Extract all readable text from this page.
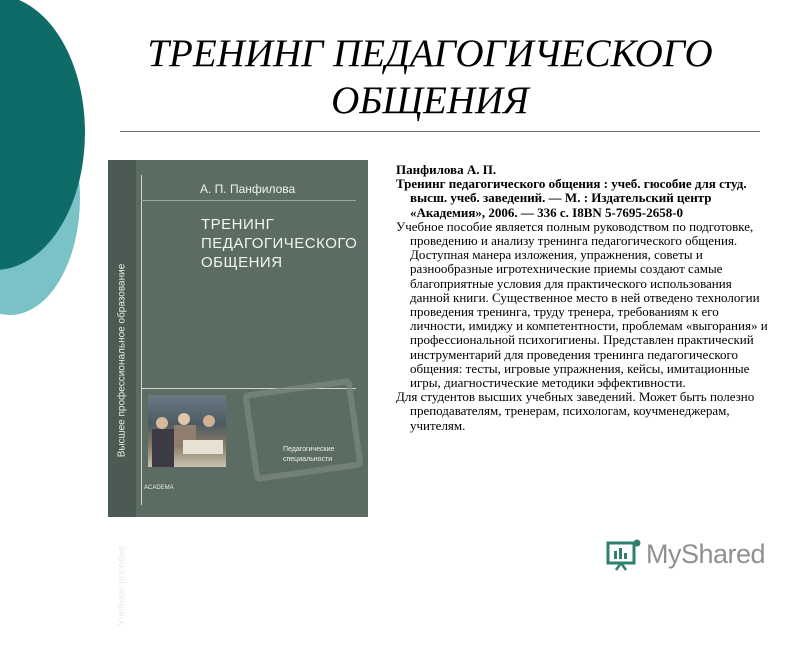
ТРЕНИНГ ПЕДАГОГИЧЕСКОГО
ОБЩЕНИЯ
Высшее профессиональное образование
Учебное пособие
А. П. Панфилова
ТРЕНИНГ
ПЕДАГОГИЧЕСКОГО
ОБЩЕНИЯ
Педагогические
специальности
ACADEMA

Панфилова А. П.

Тренинг педагогического общения : учеб. гюсобие для студ. высш. учеб. заведений. — М. : Издательский центр «Академия», 2006. — 336 с. I8BN 5-7695-2658-0

Учебное пособие является полным руководством по подготовке, проведению и анализу тренинга педагогического общения. Доступная манера изложения, упражнения, советы и разнообразные игротехнические приемы создают самые благоприятные условия для практического использования данной книги. Существенное место в ней отведено технологии проведения тренинга, труду тренера, требованиям к его личности, имиджу и компетентности, проблемам «выгорания» и профессиональной психогигиены. Представлен практический инструментарий для проведения тренинга педагогического общения: тесты, игровые упражнения, кейсы, имитационные игры, диагностические методики эффективности.

Для студентов высших учебных заведений. Может быть полезно преподавателям, тренерам, психологам, коучменеджерам, учителям.

MyShared
